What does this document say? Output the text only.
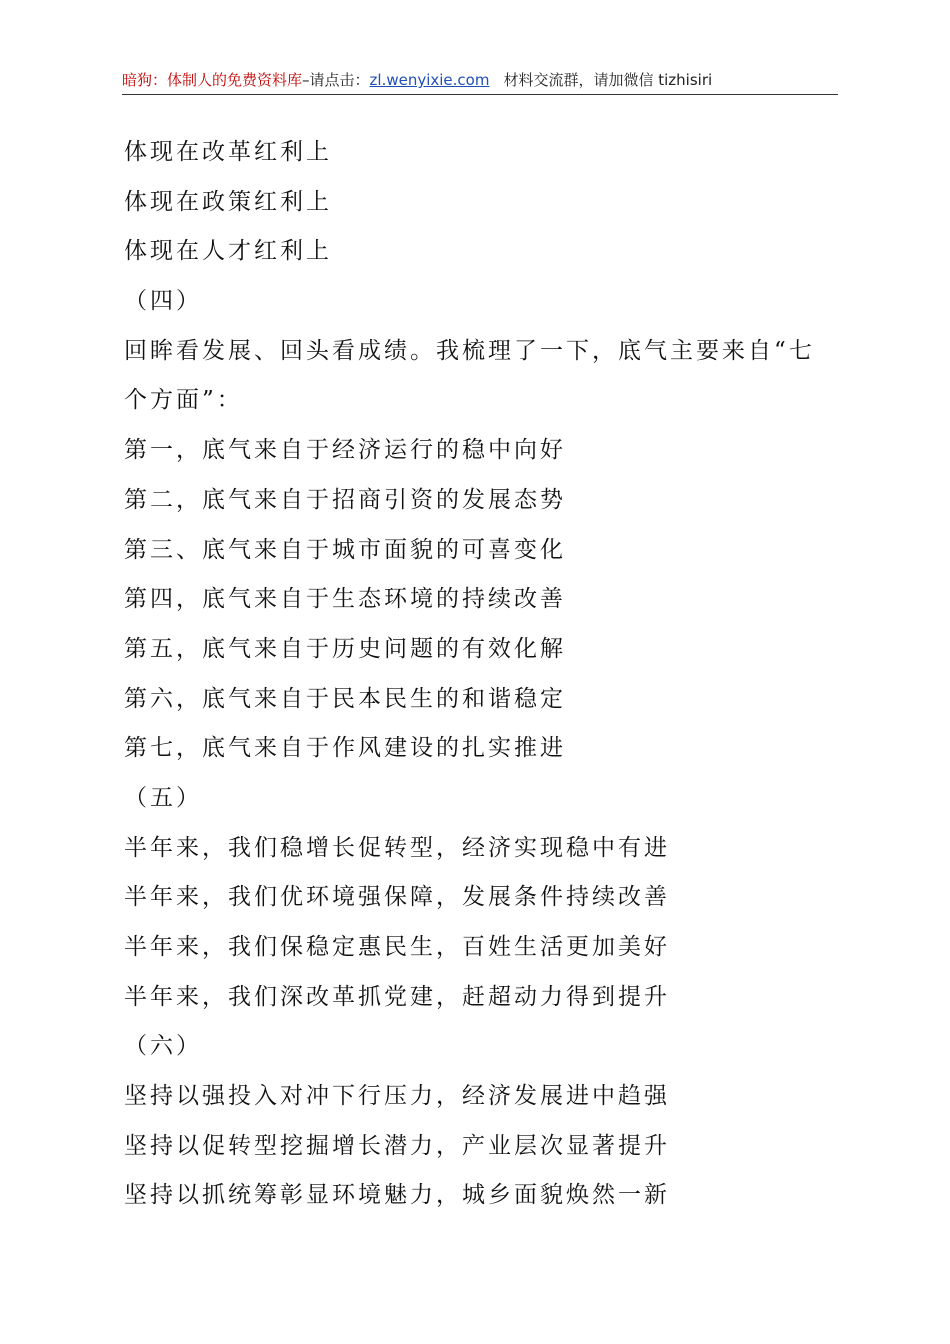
暗狗：体制人的免费资料库–请点击：zl.wenyixie.com 材料交流群，请加微信 tizhisiri
体现在改革红利上
体现在政策红利上
体现在人才红利上
（四）
回眸看发展、回头看成绩。我梳理了一下，底气主要来自“七个方面”：
第一，底气来自于经济运行的稳中向好
第二，底气来自于招商引资的发展态势
第三、底气来自于城市面貌的可喜变化
第四，底气来自于生态环境的持续改善
第五，底气来自于历史问题的有效化解
第六，底气来自于民本民生的和谐稳定
第七，底气来自于作风建设的扎实推进
（五）
半年来，我们稳增长促转型，经济实现稳中有进
半年来，我们优环境强保障，发展条件持续改善
半年来，我们保稳定惠民生，百姓生活更加美好
半年来，我们深改革抓党建，赶超动力得到提升
（六）
坚持以强投入对冲下行压力，经济发展进中趋强
坚持以促转型挖掘增长潜力，产业层次显著提升
坚持以抓统筹彰显环境魅力，城乡面貌焕然一新
